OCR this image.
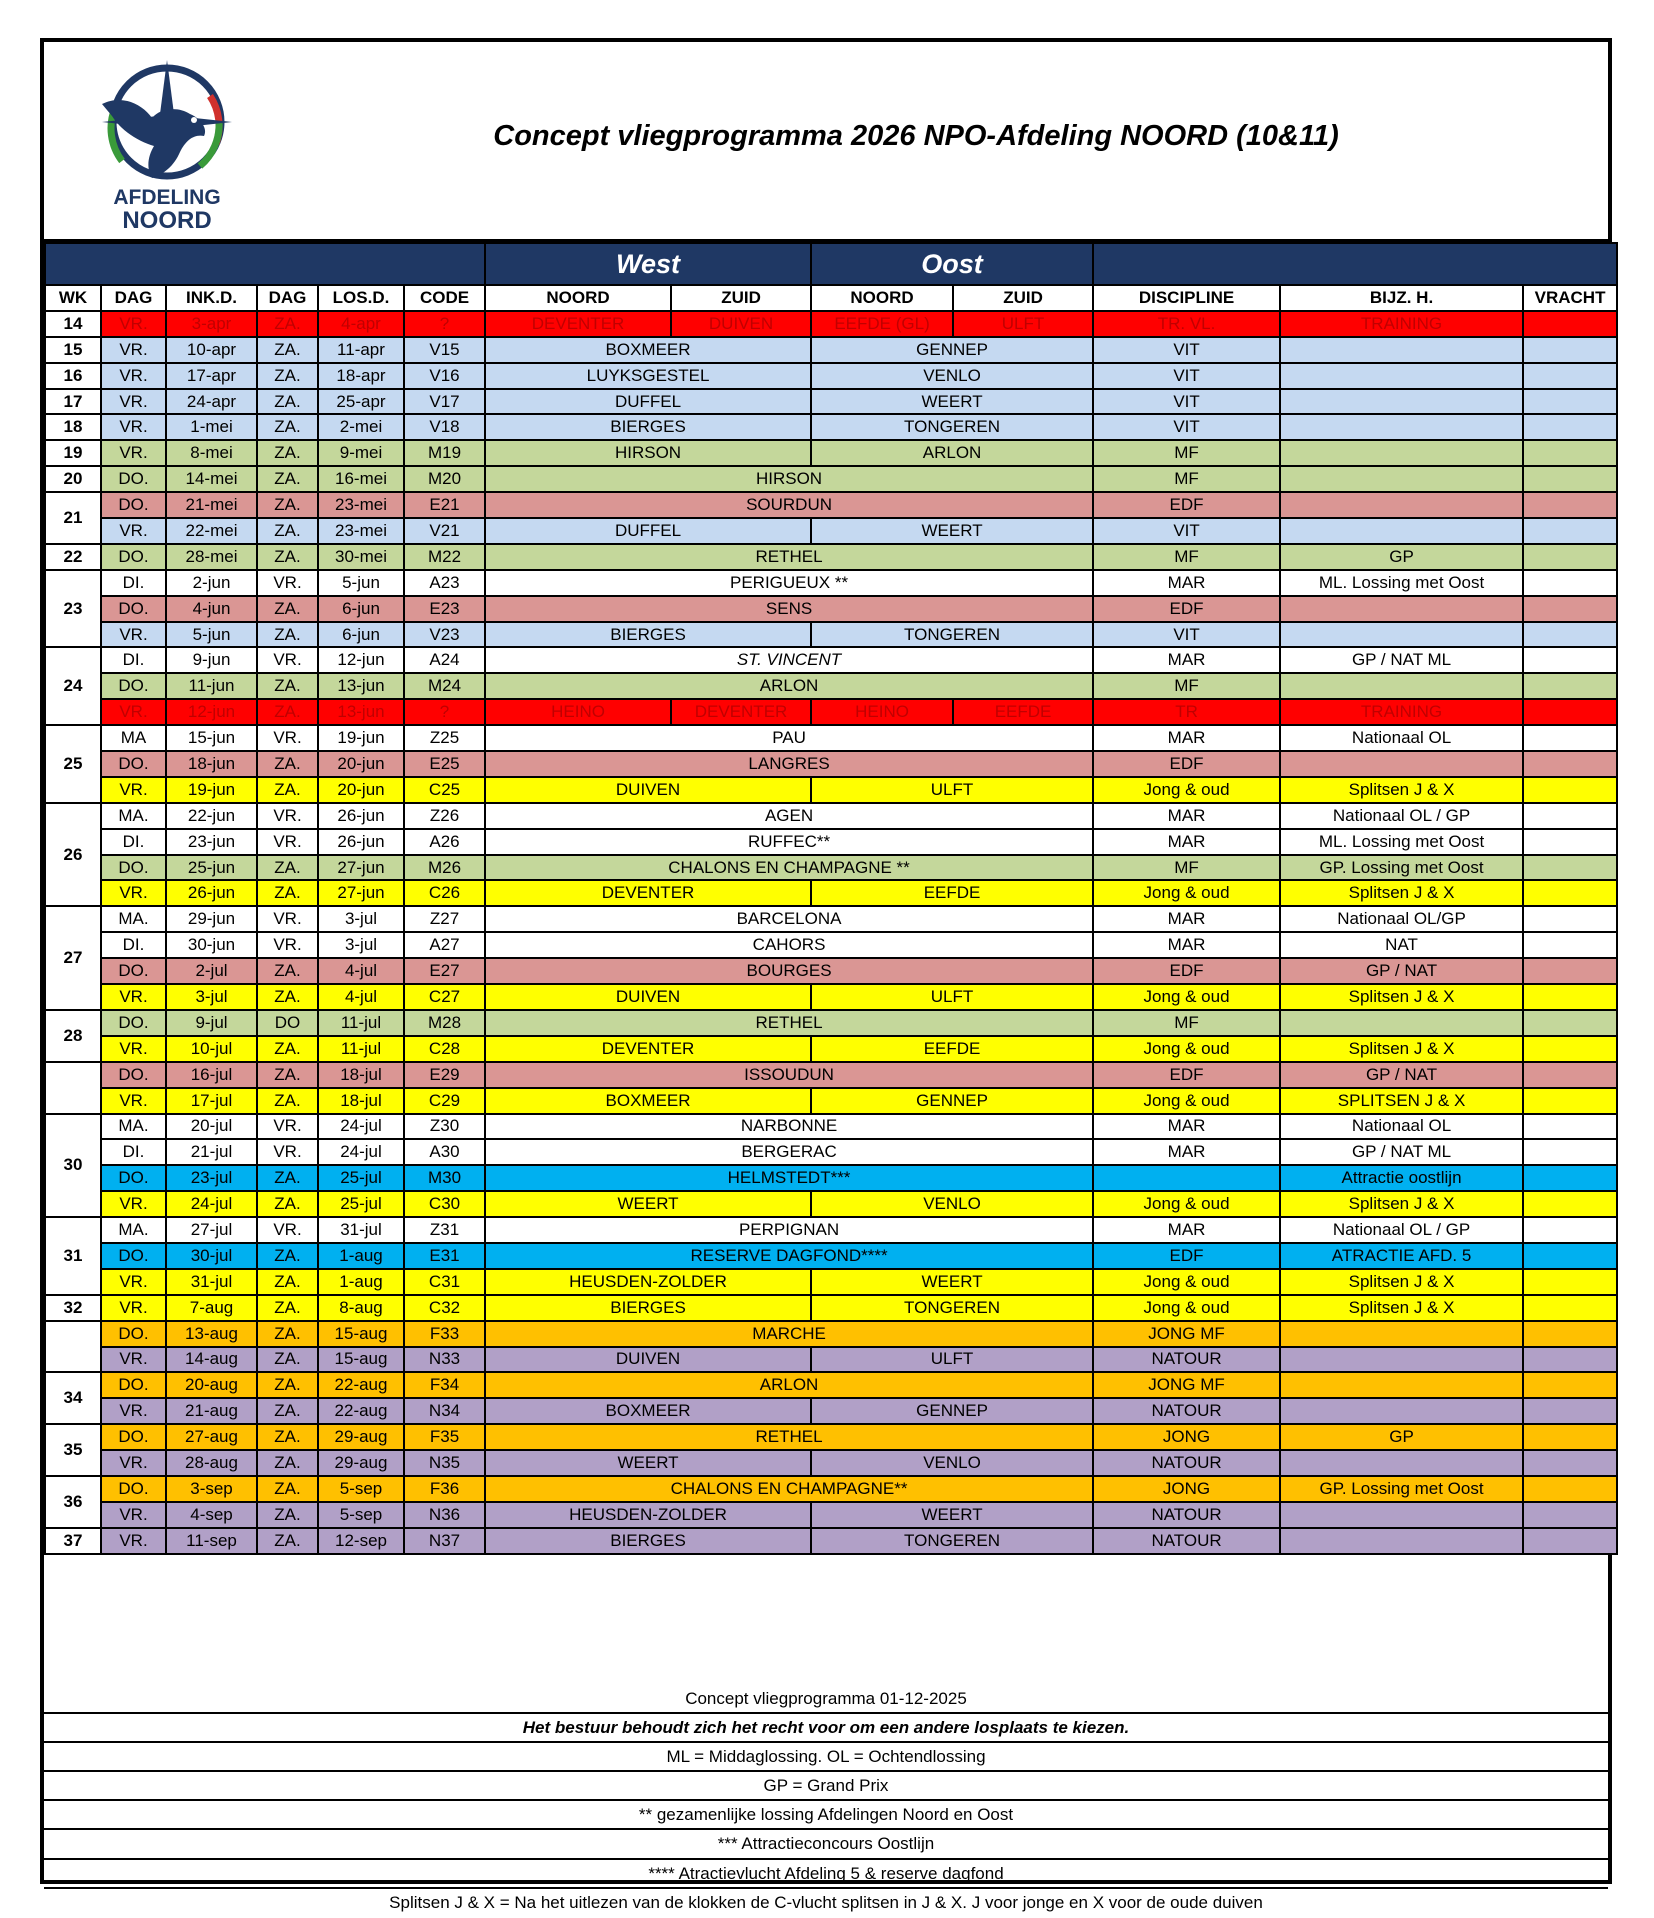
AFDELING
NOORD
Concept vliegprogramma 2026 NPO-Afdeling NOORD (10&11)
						West		Oost				
WK	DAG	INK.D.	DAG	LOS.D.	CODE	NOORD	ZUID	NOORD	ZUID	DISCIPLINE	BIJZ. H.	VRACHT
14	VR.	3-apr	ZA.	4-apr	?	DEVENTER	DUIVEN	EEFDE (GL)	ULFT	TR. VL.	TRAINING	
15	VR.	10-apr	ZA.	11-apr	V15	BOXMEER		GENNEP		VIT		
16	VR.	17-apr	ZA.	18-apr	V16	LUYKSGESTEL		VENLO		VIT		
17	VR.	24-apr	ZA.	25-apr	V17	DUFFEL		WEERT		VIT		
18	VR.	1-mei	ZA.	2-mei	V18	BIERGES		TONGEREN		VIT		
19	VR.	8-mei	ZA.	9-mei	M19	HIRSON		ARLON		MF		
20	DO.	14-mei	ZA.	16-mei	M20	HIRSON				MF		
21	DO.	21-mei	ZA.	23-mei	E21	SOURDUN				EDF		
	VR.	22-mei	ZA.	23-mei	V21	DUFFEL		WEERT		VIT		
22	DO.	28-mei	ZA.	30-mei	M22	RETHEL				MF	GP	
23	DI.	2-jun	VR.	5-jun	A23	PERIGUEUX **				MAR	ML. Lossing met Oost	
	DO.	4-jun	ZA.	6-jun	E23	SENS				EDF		
	VR.	5-jun	ZA.	6-jun	V23	BIERGES		TONGEREN		VIT		
24	DI.	9-jun	VR.	12-jun	A24	ST. VINCENT				MAR	GP / NAT ML	
	DO.	11-jun	ZA.	13-jun	M24	ARLON				MF		
	VR.	12-jun	ZA.	13-jun	?	HEINO	DEVENTER	HEINO	EEFDE	TR	TRAINING	
25	MA	15-jun	VR.	19-jun	Z25	PAU				MAR	Nationaal OL	
	DO.	18-jun	ZA.	20-jun	E25	LANGRES				EDF		
	VR.	19-jun	ZA.	20-jun	C25	DUIVEN		ULFT		Jong & oud	Splitsen J & X	
26	MA.	22-jun	VR.	26-jun	Z26	AGEN				MAR	Nationaal OL / GP	
	DI.	23-jun	VR.	26-jun	A26	RUFFEC**				MAR	ML. Lossing met Oost	
	DO.	25-jun	ZA.	27-jun	M26	CHALONS EN CHAMPAGNE **				MF	GP. Lossing met Oost	
	VR.	26-jun	ZA.	27-jun	C26	DEVENTER		EEFDE		Jong & oud	Splitsen J & X	
27	MA.	29-jun	VR.	3-jul	Z27	BARCELONA				MAR	Nationaal OL/GP	
	DI.	30-jun	VR.	3-jul	A27	CAHORS				MAR	NAT	
	DO.	2-jul	ZA.	4-jul	E27	BOURGES				EDF	GP / NAT	
	VR.	3-jul	ZA.	4-jul	C27	DUIVEN		ULFT		Jong & oud	Splitsen J & X	
28	DO.	9-jul	DO	11-jul	M28	RETHEL				MF		
	VR.	10-jul	ZA.	11-jul	C28	DEVENTER		EEFDE		Jong & oud	Splitsen J & X	
	DO.	16-jul	ZA.	18-jul	E29	ISSOUDUN				EDF	GP / NAT	
	VR.	17-jul	ZA.	18-jul	C29	BOXMEER		GENNEP		Jong & oud	SPLITSEN J & X	
30	MA.	20-jul	VR.	24-jul	Z30	NARBONNE				MAR	Nationaal OL	
	DI.	21-jul	VR.	24-jul	A30	BERGERAC				MAR	GP / NAT ML	
	DO.	23-jul	ZA.	25-jul	M30	HELMSTEDT***					Attractie oostlijn	
	VR.	24-jul	ZA.	25-jul	C30	WEERT		VENLO		Jong & oud	Splitsen J & X	
31	MA.	27-jul	VR.	31-jul	Z31	PERPIGNAN				MAR	Nationaal OL / GP	
	DO.	30-jul	ZA.	1-aug	E31	RESERVE DAGFOND****				EDF	ATRACTIE AFD. 5	
	VR.	31-jul	ZA.	1-aug	C31	HEUSDEN-ZOLDER		WEERT		Jong & oud	Splitsen J & X	
32	VR.	7-aug	ZA.	8-aug	C32	BIERGES		TONGEREN		Jong & oud	Splitsen J & X	
	DO.	13-aug	ZA.	15-aug	F33	MARCHE				JONG MF		
	VR.	14-aug	ZA.	15-aug	N33	DUIVEN		ULFT		NATOUR		
34	DO.	20-aug	ZA.	22-aug	F34	ARLON				JONG MF		
	VR.	21-aug	ZA.	22-aug	N34	BOXMEER		GENNEP		NATOUR		
35	DO.	27-aug	ZA.	29-aug	F35	RETHEL				JONG	GP	
	VR.	28-aug	ZA.	29-aug	N35	WEERT		VENLO		NATOUR		
36	DO.	3-sep	ZA.	5-sep	F36	CHALONS EN CHAMPAGNE**				JONG	GP. Lossing met Oost	
	VR.	4-sep	ZA.	5-sep	N36	HEUSDEN-ZOLDER		WEERT		NATOUR		
37	VR.	11-sep	ZA.	12-sep	N37	BIERGES		TONGEREN		NATOUR		
Concept vliegprogramma 01-12-2025
Het bestuur behoudt zich het recht voor om een andere losplaats te kiezen.
ML = Middaglossing. OL = Ochtendlossing
GP = Grand Prix
** gezamenlijke lossing Afdelingen Noord en Oost
*** Attractieconcours Oostlijn
**** Atractievlucht Afdeling 5 & reserve dagfond
Splitsen J & X = Na het uitlezen van de klokken de C-vlucht splitsen in J & X. J voor jonge en X voor de oude duiven
